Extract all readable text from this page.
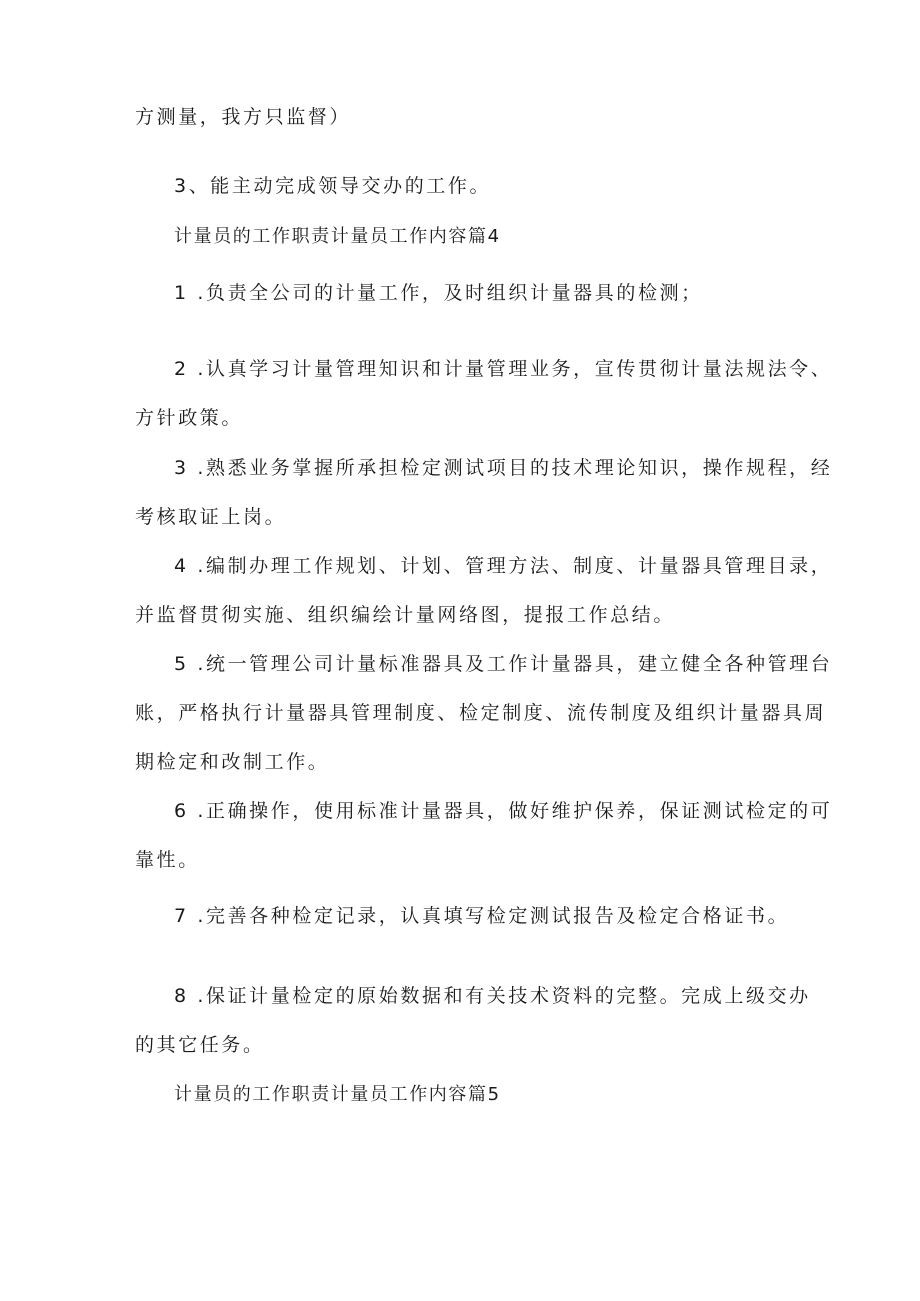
方测量，我方只监督）
3、能主动完成领导交办的工作。
计量员的工作职责计量员工作内容篇4
1 .负责全公司的计量工作，及时组织计量器具的检测；
2 .认真学习计量管理知识和计量管理业务，宣传贯彻计量法规法令、
方针政策。
3 .熟悉业务掌握所承担检定测试项目的技术理论知识，操作规程，经
考核取证上岗。
4 .编制办理工作规划、计划、管理方法、制度、计量器具管理目录，
并监督贯彻实施、组织编绘计量网络图，提报工作总结。
5 .统一管理公司计量标准器具及工作计量器具，建立健全各种管理台
账，严格执行计量器具管理制度、检定制度、流传制度及组织计量器具周
期检定和改制工作。
6 .正确操作，使用标准计量器具，做好维护保养，保证测试检定的可
靠性。
7 .完善各种检定记录，认真填写检定测试报告及检定合格证书。
8 .保证计量检定的原始数据和有关技术资料的完整。完成上级交办
的其它任务。
计量员的工作职责计量员工作内容篇5
